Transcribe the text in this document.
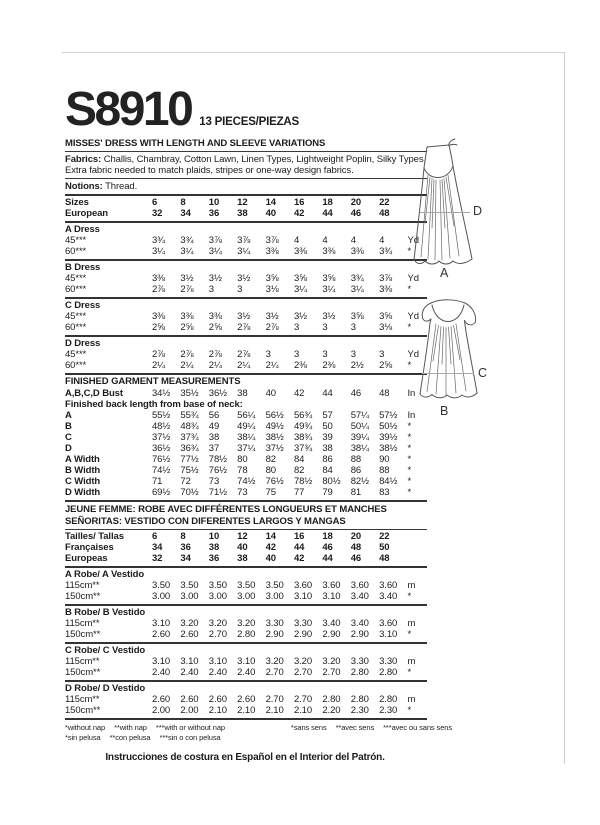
S8910 13 PIECES/PIEZAS
MISSES' DRESS WITH LENGTH AND SLEEVE VARIATIONS
Fabrics: Challis, Chambray, Cotton Lawn, Linen Types, Lightweight Poplin, Silky Types. Extra fabric needed to match plaids, stripes or one-way design fabrics.
Notions: Thread.
Sizes	6	8	10	12	14	16	18	20	22
European	32	34	36	38	40	42	44	46	48
A Dress
45***	3¾	3¾	3⅞	3⅞	3⅞	4	4	4	4	Yd
60***	3¼	3¼	3¼	3¼	3⅜	3⅜	3⅜	3⅜	3¾	*
B Dress
45***	3⅜	3½	3½	3½	3⅝	3⅝	3⅝	3¾	3⅞	Yd
60***	2⅞	2⅞	3	3	3⅛	3¼	3¼	3¼	3⅜	*
C Dress
45***	3⅜	3⅜	3⅜	3½	3½	3½	3½	3⅝	3⅝	Yd
60***	2⅝	2⅝	2⅝	2⅞	2⅞	3	3	3	3⅛	*
D Dress
45***	2⅞	2⅞	2⅞	2⅞	3	3	3	3	3	Yd
60***	2¼	2¼	2¼	2¼	2¼	2⅜	2⅜	2½	2⅝	*
FINISHED GARMENT MEASUREMENTS
A,B,C,D Bust	34½	35½	36½	38	40	42	44	46	48	In
Finished back length from base of neck:
A	55½	55¾	56	56¼	56½	56¾	57	57¼	57½	In
B	48½	48¾	49	49¼	49½	49¾	50	50¼	50½	*
C	37½	37¾	38	38¼	38½	38¾	39	39¼	39½	*
D	36½	36¾	37	37¼	37½	37¾	38	38¼	38½	*
A Width	76½	77½	78½	80	82	84	86	88	90	*
B Width	74½	75½	76½	78	80	82	84	86	88	*
C Width	71	72	73	74½	76½	78½	80½	82½	84½	*
D Width	69½	70½	71½	73	75	77	79	81	83	*
JEUNE FEMME: ROBE AVEC DIFFÉRENTES LONGUEURS ET MANCHES
SEÑORITAS: VESTIDO CON DIFERENTES LARGOS Y MANGAS
Tailles/ Tallas	6	8	10	12	14	16	18	20	22
Françaises	34	36	38	40	42	44	46	48	50
Europeas	32	34	36	38	40	42	44	46	48
A Robe/ A Vestido
115cm**	3.50	3.50	3.50	3.50	3.50	3.60	3.60	3.60	3.60	m
150cm**	3.00	3.00	3.00	3.00	3.00	3.10	3.10	3.40	3.40	*
B Robe/ B Vestido
115cm**	3.10	3.20	3.20	3.20	3.30	3.30	3.40	3.40	3.60	m
150cm**	2.60	2.60	2.70	2.80	2.90	2.90	2.90	2.90	3.10	*
C Robe/ C Vestido
115cm**	3.10	3.10	3.10	3.10	3.20	3.20	3.20	3.30	3.30	m
150cm**	2.40	2.40	2.40	2.40	2.70	2.70	2.70	2.80	2.80	*
D Robe/ D Vestido
115cm**	2.60	2.60	2.60	2.60	2.70	2.70	2.80	2.80	2.80	m
150cm**	2.00	2.00	2.10	2.10	2.10	2.10	2.20	2.30	2.30	*
*without nap **with nap ***with or without nap	*sans sens **avec sens ***avec ou sans sens
*sin pelusa **con pelusa ***sin o con pelusa
Instrucciones de costura en Español en el Interior del Patrón.
D
A
C
B
